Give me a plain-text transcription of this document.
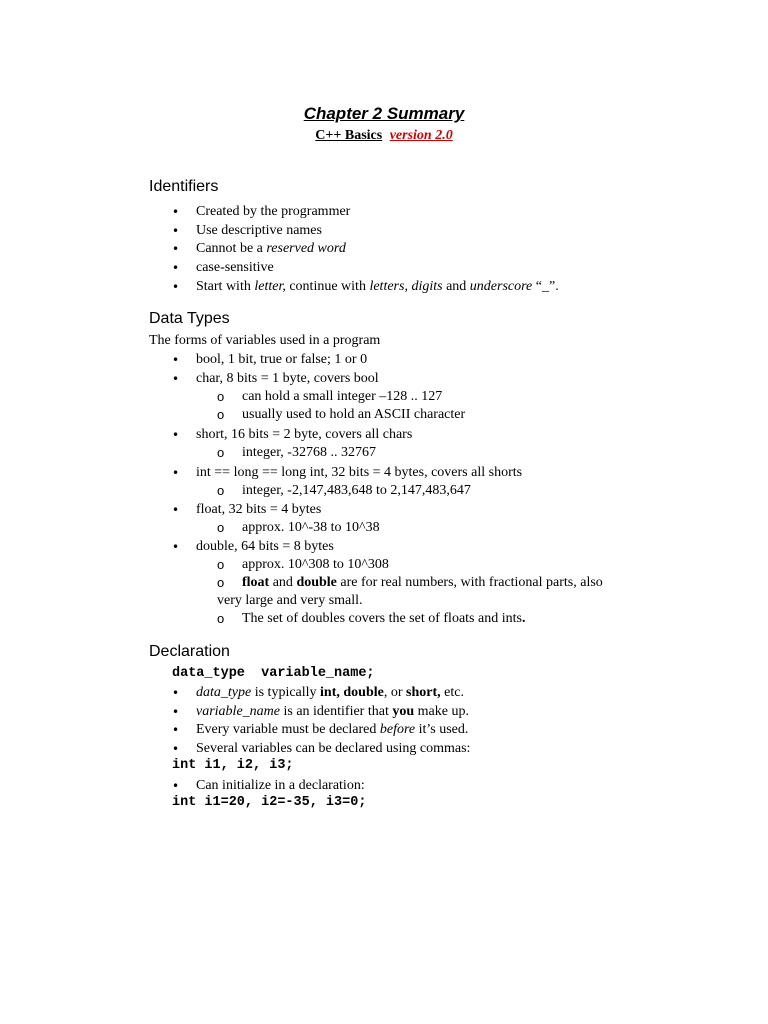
Chapter 2 Summary
C++ Basics version 2.0
Identifiers
• Created by the programmer
• Use descriptive names
• Cannot be a reserved word
• case-sensitive
• Start with letter, continue with letters, digits and underscore “_”.
Data Types
The forms of variables used in a program
• bool, 1 bit, true or false; 1 or 0
• char, 8 bits = 1 byte, covers bool
o can hold a small integer –128 .. 127
o usually used to hold an ASCII character
• short, 16 bits = 2 byte, covers all chars
o integer, -32768 .. 32767
• int == long == long int, 32 bits = 4 bytes, covers all shorts
o integer, -2,147,483,648 to 2,147,483,647
• float, 32 bits = 4 bytes
o approx. 10^-38 to 10^38
• double, 64 bits = 8 bytes
o approx. 10^308 to 10^308
o float and double are for real numbers, with fractional parts, also
very large and very small.
o The set of doubles covers the set of floats and ints.
Declaration
data_type  variable_name;
• data_type is typically int, double, or short, etc.
• variable_name is an identifier that you make up.
• Every variable must be declared before it’s used.
• Several variables can be declared using commas:
int i1, i2, i3;
• Can initialize in a declaration:
int i1=20, i2=-35, i3=0;
